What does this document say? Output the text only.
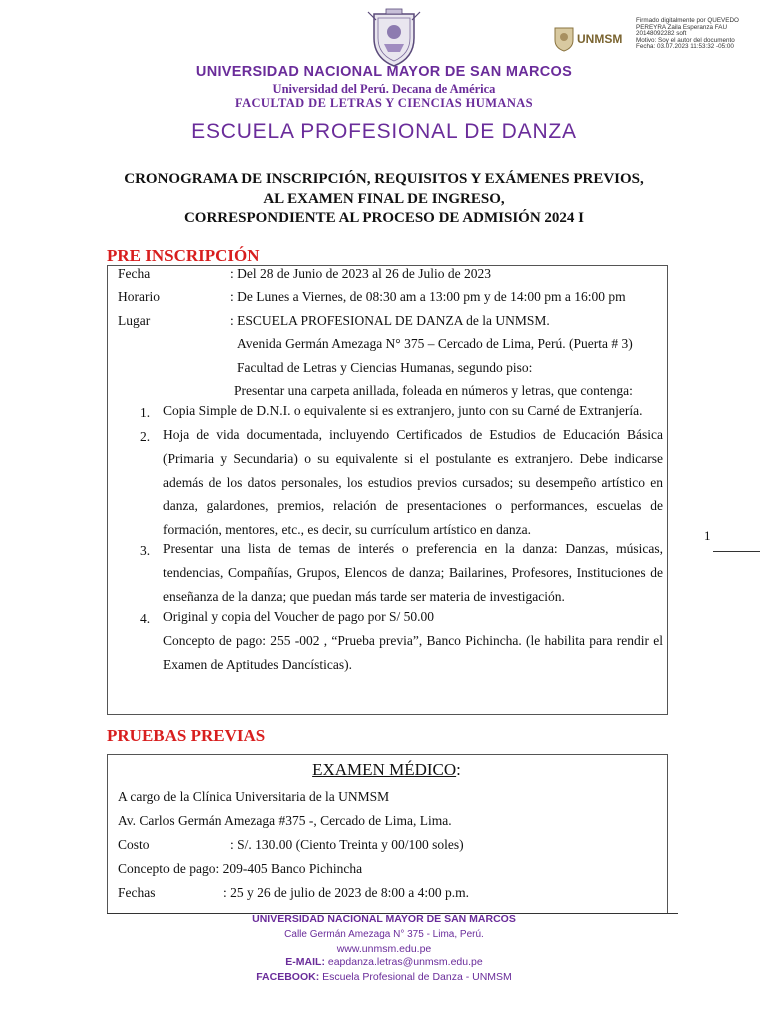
UNMSM
Firmado digitalmente por QUEVEDO
PEREYRA Zaila Esperanza FAU
20148092282 soft
Motivo: Soy el autor del documento
Fecha: 03.07.2023 11:53:32 -05:00
UNIVERSIDAD NACIONAL MAYOR DE SAN MARCOS
Universidad del Perú. Decana de América
FACULTAD DE LETRAS Y CIENCIAS HUMANAS
ESCUELA PROFESIONAL DE DANZA
CRONOGRAMA DE INSCRIPCIÓN, REQUISITOS Y EXÁMENES PREVIOS,
AL EXAMEN FINAL DE INGRESO,
CORRESPONDIENTE AL PROCESO DE ADMISIÓN 2024 I
PRE INSCRIPCIÓN
Fecha	: Del 28 de Junio de 2023 al 26 de Julio de 2023
Horario	: De Lunes a Viernes, de 08:30 am a 13:00 pm y de 14:00 pm a 16:00 pm
Lugar	: ESCUELA PROFESIONAL DE DANZA de la UNMSM.
Avenida Germán Amezaga N° 375 – Cercado de Lima, Perú. (Puerta # 3)
Facultad de Letras y Ciencias Humanas, segundo piso:
Presentar una carpeta anillada, foleada en números y letras, que contenga:
1. Copia Simple de D.N.I. o equivalente si es extranjero, junto con su Carné de Extranjería.
2. Hoja de vida documentada, incluyendo Certificados de Estudios de Educación Básica (Primaria y Secundaria) o su equivalente si el postulante es extranjero. Debe indicarse además de los datos personales, los estudios previos cursados; su desempeño artístico en danza, galardones, premios, relación de presentaciones o performances, escuelas de formación, mentores, etc., es decir, su currículum artístico en danza.
3. Presentar una lista de temas de interés o preferencia en la danza: Danzas, músicas, tendencias, Compañías, Grupos, Elencos de danza; Bailarines, Profesores, Instituciones de enseñanza de la danza; que puedan más tarde ser materia de investigación.
4. Original y copia del Voucher de pago por S/ 50.00
Concepto de pago: 255 -002 , “Prueba previa”, Banco Pichincha. (le habilita para rendir el Examen de Aptitudes Dancísticas).
1
PRUEBAS PREVIAS
A cargo de la Clínica Universitaria de la UNMSM
Av. Carlos Germán Amezaga #375 -, Cercado de Lima, Lima.
Costo	: S/. 130.00 (Ciento Treinta y 00/100 soles)
Concepto de pago: 209-405 Banco Pichincha
Fechas	: 25 y 26 de julio de 2023 de 8:00 a 4:00 p.m.
EXAMEN MÉDICO:
UNIVERSIDAD NACIONAL MAYOR DE SAN MARCOS
Calle Germán Amezaga N° 375 - Lima, Perú.
www.unmsm.edu.pe
E-MAIL: eapdanza.letras@unmsm.edu.pe
FACEBOOK: Escuela Profesional de Danza - UNMSM
